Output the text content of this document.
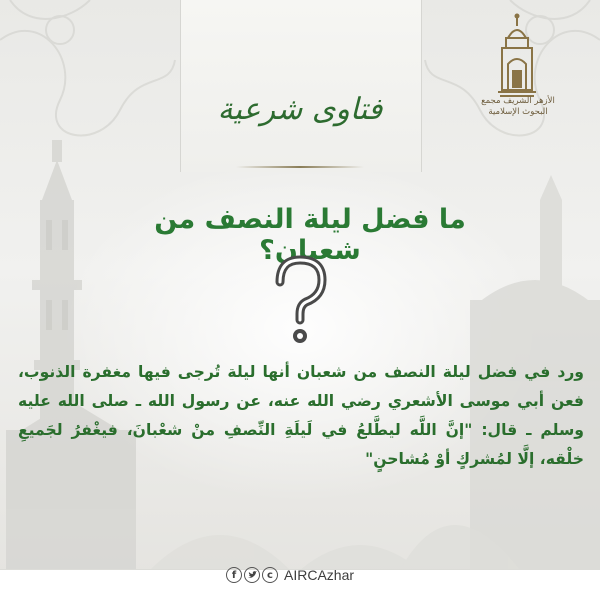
فتاوى شرعية	الأزهر الشريف مجمع البحوث الإسلامية
ما فضل ليلة النصف من شعبان؟
ورد في فضل ليلة النصف من شعبان أنها ليلة تُرجى فيها مغفرة الذنوب، فعن أبي موسى الأشعري رضي الله عنه، عن رسول الله ـ صلى الله عليه وسلم ـ قال: "إنَّ اللَّه ليطَّلعُ في لَيلَةِ النِّصفِ منْ شعْبانَ، فيغْفرُ لجَميعِ خلْقه، إلَّا لمُشركٍ أوْ مُشاحنٍ"
f	c AIRCAzhar
